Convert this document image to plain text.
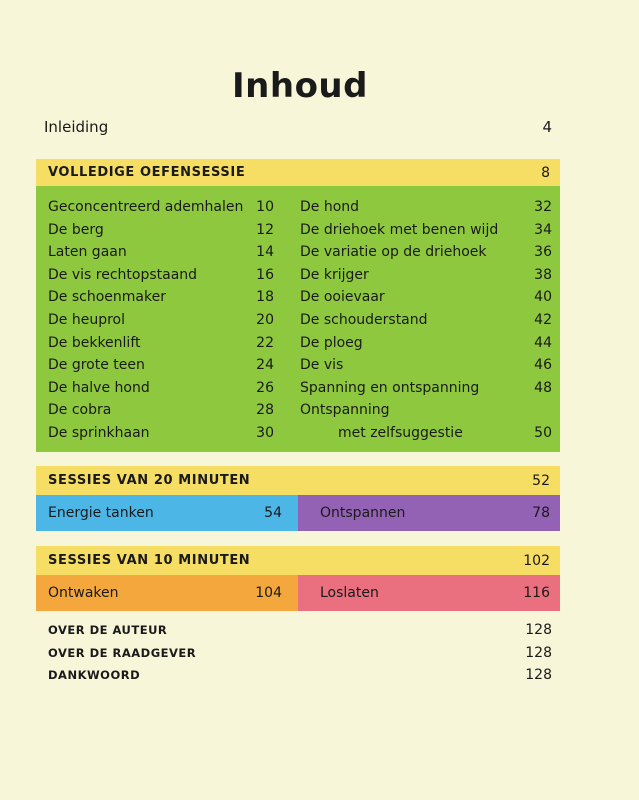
Inhoud
Inleiding	4
VOLLEDIGE OEFENSESSIE	8
Geconcentreerd ademhalen 10
De berg	12
Laten gaan	14
De vis rechtopstaand	16
De schoenmaker	18
De heuprol	20
De bekkenlift	22
De grote teen	24
De halve hond	26
De cobra	28
De sprinkhaan	30
De hond	32
De driehoek met benen wijd	34
De variatie op de driehoek	36
De krijger	38
De ooievaar	40
De schouderstand	42
De ploeg	44
De vis	46
Spanning en ontspanning	48
Ontspanning
met zelfsuggestie	50
SESSIES VAN 20 MINUTEN	52
Energie tanken	54	Ontspannen	78
SESSIES VAN 10 MINUTEN	102
Ontwaken	104	Loslaten	116
OVER DE AUTEUR	128
OVER DE RAADGEVER	128
DANKWOORD	128
